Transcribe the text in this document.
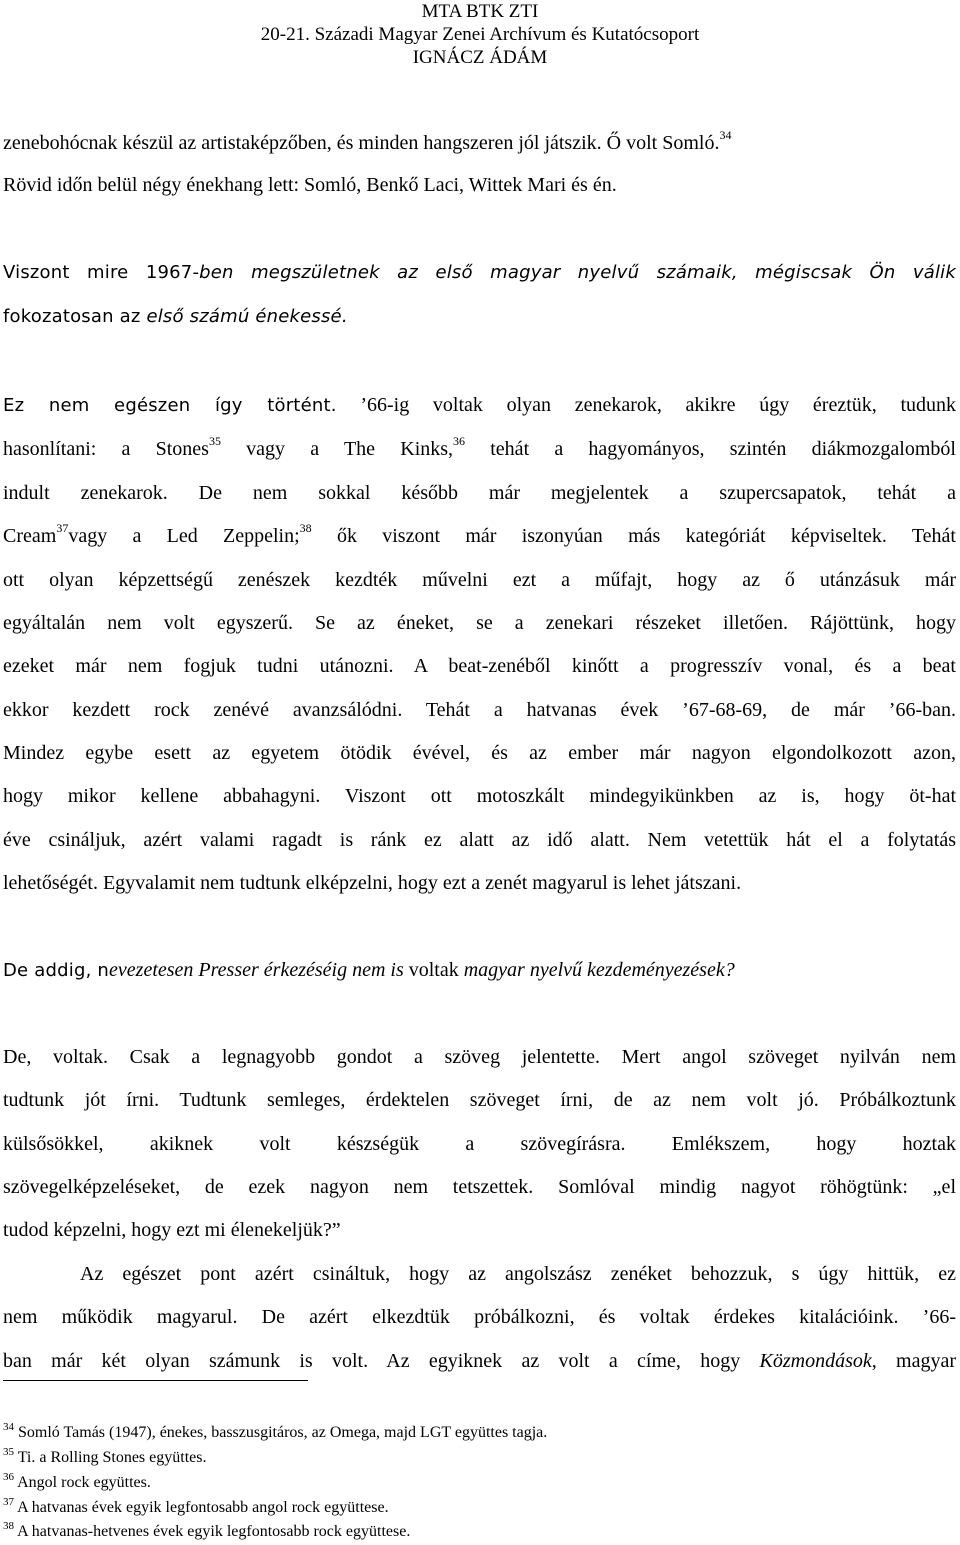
MTA BTK ZTI
20-21. Századi Magyar Zenei Archívum és Kutatócsoport
IGNÁCZ ÁDÁM
zenebohócnak készül az artistaképzőben, és minden hangszeren jól játszik. Ő volt Somló.$^{34}$
Rövid időn belül négy énekhang lett: Somló, Benkő Laci, Wittek Mari és én.
Viszont mire 1967-ben megszületnek az első magyar nyelvű számaik, mégiscsak Ön válik
fokozatosan az első számú énekessé.
Ez nem egészen így történt. ’66-ig voltak olyan zenekarok, akikre úgy éreztük, tudunk
hasonlítani: a Stones$^{35}$ vagy a The Kinks,$^{36}$ tehát a hagyományos, szintén diákmozgalomból
indult zenekarok. De nem sokkal később már megjelentek a szupercsapatok, tehát a
Cream$^{37}$vagy a Led Zeppelin;$^{38}$ ők viszont már iszonyúan más kategóriát képviseltek. Tehát
ott olyan képzettségű zenészek kezdték művelni ezt a műfajt, hogy az ő utánzásuk már
egyáltalán nem volt egyszerű. Se az éneket, se a zenekari részeket illetően. Rájöttünk, hogy
ezeket már nem fogjuk tudni utánozni. A beat-zenéből kinőtt a progresszív vonal, és a beat
ekkor kezdett rock zenévé avanzsálódni. Tehát a hatvanas évek ’67-68-69, de már ’66-ban.
Mindez egybe esett az egyetem ötödik évével, és az ember már nagyon elgondolkozott azon,
hogy mikor kellene abbahagyni. Viszont ott motoszkált mindegyikünkben az is, hogy öt-hat
éve csináljuk, azért valami ragadt is ránk ez alatt az idő alatt. Nem vetettük hát el a folytatás
lehetőségét. Egyvalamit nem tudtunk elképzelni, hogy ezt a zenét magyarul is lehet játszani.
De addig, nevezetesen Presser érkezéséig nem is voltak magyar nyelvű kezdeményezések?
De, voltak. Csak a legnagyobb gondot a szöveg jelentette. Mert angol szöveget nyilván nem
tudtunk jót írni. Tudtunk semleges, érdektelen szöveget írni, de az nem volt jó. Próbálkoztunk
külsősökkel, akiknek volt készségük a szövegírásra. Emlékszem, hogy hoztak
szövegelképzeléseket, de ezek nagyon nem tetszettek. Somlóval mindig nagyot röhögtünk: „el
tudod képzelni, hogy ezt mi élenekeljük?”
Az egészet pont azért csináltuk, hogy az angolszász zenéket behozzuk, s úgy hittük, ez
nem működik magyarul. De azért elkezdtük próbálkozni, és voltak érdekes kitalációink. ’66-
ban már két olyan számunk is volt. Az egyiknek az volt a címe, hogy Közmondások, magyar
$^{34}$ Somló Tamás (1947), énekes, basszusgitáros, az Omega, majd LGT együttes tagja.
$^{35}$ Ti. a Rolling Stones együttes.
$^{36}$ Angol rock együttes.
$^{37}$ A hatvanas évek egyik legfontosabb angol rock együttese.
$^{38}$ A hatvanas-hetvenes évek egyik legfontosabb rock együttese.
